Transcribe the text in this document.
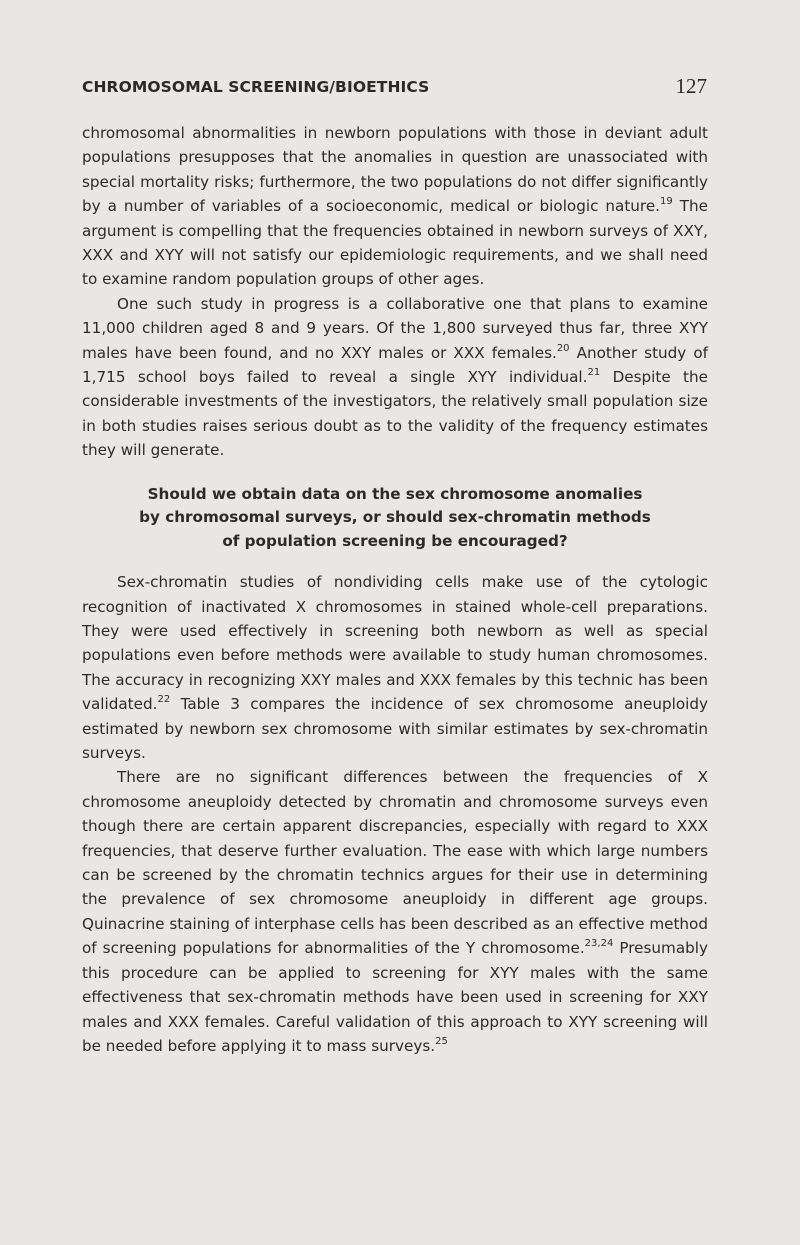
CHROMOSOMAL SCREENING/BIOETHICS	127

chromosomal abnormalities in newborn populations with those in deviant adult populations presupposes that the anomalies in question are unassociated with special mortality risks; furthermore, the two populations do not differ significantly by a number of variables of a socioeconomic, medical or biologic nature.$^{19}$ The argument is compelling that the frequencies obtained in newborn surveys of XXY, XXX and XYY will not satisfy our epidemiologic requirements, and we shall need to examine random population groups of other ages.

One such study in progress is a collaborative one that plans to examine 11,000 children aged 8 and 9 years. Of the 1,800 surveyed thus far, three XYY males have been found, and no XXY males or XXX females.$^{20}$ Another study of 1,715 school boys failed to reveal a single XYY individual.$^{21}$ Despite the considerable investments of the investigators, the relatively small population size in both studies raises serious doubt as to the validity of the frequency estimates they will generate.

Should we obtain data on the sex chromosome anomalies
by chromosomal surveys, or should sex-chromatin methods
of population screening be encouraged?

Sex-chromatin studies of nondividing cells make use of the cytologic recognition of inactivated X chromosomes in stained whole-cell preparations. They were used effectively in screening both newborn as well as special populations even before methods were available to study human chromosomes. The accuracy in recognizing XXY males and XXX females by this technic has been validated.$^{22}$ Table 3 compares the incidence of sex chromosome aneuploidy estimated by newborn sex chromosome with similar estimates by sex-chromatin surveys.

There are no significant differences between the frequencies of X chromosome aneuploidy detected by chromatin and chromosome surveys even though there are certain apparent discrepancies, especially with regard to XXX frequencies, that deserve further evaluation. The ease with which large numbers can be screened by the chromatin technics argues for their use in determining the prevalence of sex chromosome aneuploidy in different age groups. Quinacrine staining of interphase cells has been described as an effective method of screening populations for abnormalities of the Y chromosome.$^{23,24}$ Presumably this procedure can be applied to screening for XYY males with the same effectiveness that sex-chromatin methods have been used in screening for XXY males and XXX females. Careful validation of this approach to XYY screening will be needed before applying it to mass surveys.$^{25}$
